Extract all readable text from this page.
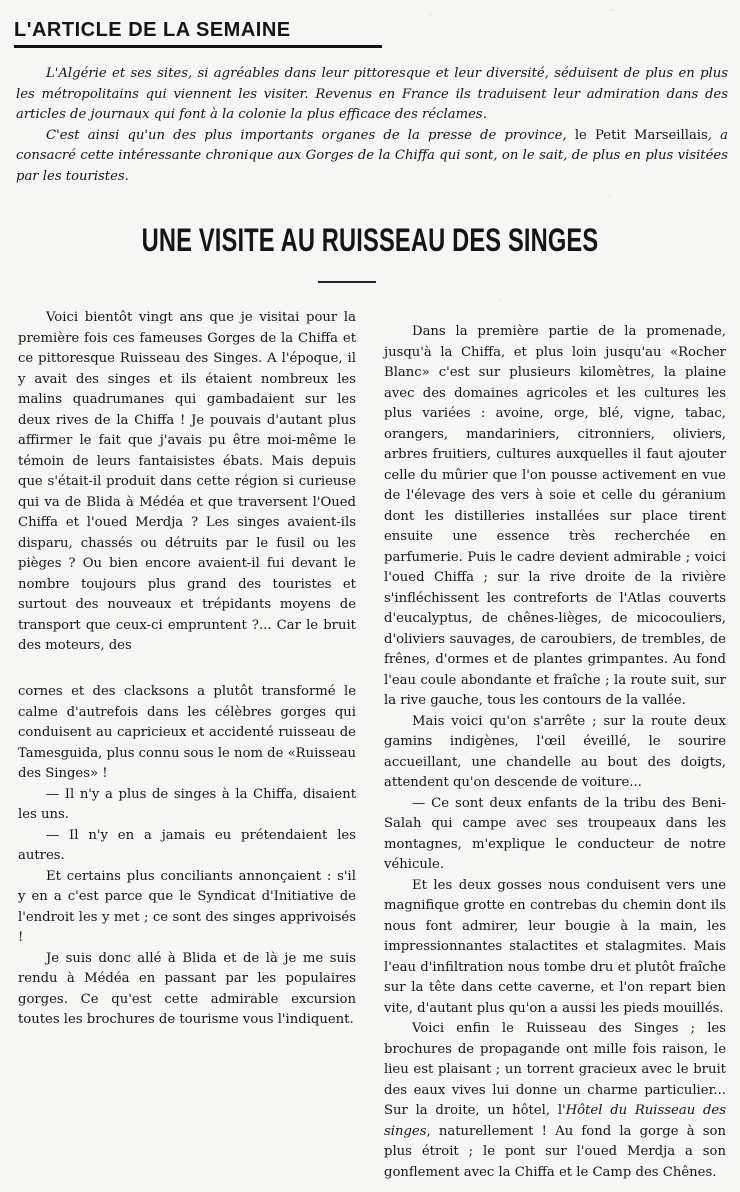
L'ARTICLE DE LA SEMAINE

L'Algérie et ses sites, si agréables dans leur pittoresque et leur diversité, séduisent de plus en plus les métropolitains qui viennent les visiter. Revenus en France ils traduisent leur admiration dans des articles de journaux qui font à la colonie la plus efficace des réclames.

C'est ainsi qu'un des plus importants organes de la presse de province, le Petit Marseillais, a consacré cette intéressante chronique aux Gorges de la Chiffa qui sont, on le sait, de plus en plus visitées par les touristes.

UNE VISITE AU RUISSEAU DES SINGES

Voici bientôt vingt ans que je visitai pour la première fois ces fameuses Gorges de la Chiffa et ce pittoresque Ruisseau des Singes. A l'époque, il y avait des singes et ils étaient nombreux les malins quadrumanes qui gambadaient sur les deux rives de la Chiffa ! Je pouvais d'autant plus affirmer le fait que j'avais pu être moi-même le témoin de leurs fantaisistes ébats. Mais depuis que s'était-il produit dans cette région si curieuse qui va de Blida à Médéa et que traversent l'Oued Chiffa et l'oued Merdja ? Les singes avaient-ils disparu, chassés ou détruits par le fusil ou les pièges ? Ou bien encore avaient-il fui devant le nombre toujours plus grand des touristes et surtout des nouveaux et trépidants moyens de transport que ceux-ci empruntent ?... Car le bruit des moteurs, des

cornes et des clacksons a plutôt transformé le calme d'autrefois dans les célèbres gorges qui conduisent au capricieux et accidenté ruisseau de Tamesguida, plus connu sous le nom de «Ruisseau des Singes» !

— Il n'y a plus de singes à la Chiffa, disaient les uns.

— Il n'y en a jamais eu prétendaient les autres.

Et certains plus conciliants annonçaient : s'il y en a c'est parce que le Syndicat d'Initiative de l'endroit les y met ; ce sont des singes apprivoisés !

Je suis donc allé à Blida et de là je me suis rendu à Médéa en passant par les populaires gorges. Ce qu'est cette admirable excursion toutes les brochures de tourisme vous l'indiquent.

Dans la première partie de la promenade, jusqu'à la Chiffa, et plus loin jusqu'au «Rocher Blanc» c'est sur plusieurs kilomètres, la plaine avec des domaines agricoles et les cultures les plus variées : avoine, orge, blé, vigne, tabac, orangers, mandariniers, citronniers, oliviers, arbres fruitiers, cultures auxquelles il faut ajouter celle du mûrier que l'on pousse activement en vue de l'élevage des vers à soie et celle du géranium dont les distilleries installées sur place tirent ensuite une essence très recherchée en parfumerie. Puis le cadre devient admirable ; voici l'oued Chiffa ; sur la rive droite de la rivière s'infléchissent les contreforts de l'Atlas couverts d'eucalyptus, de chênes-lièges, de micocouliers, d'oliviers sauvages, de caroubiers, de trembles, de frênes, d'ormes et de plantes grimpantes. Au fond l'eau coule abondante et fraîche ; la route suit, sur la rive gauche, tous les contours de la vallée.

Mais voici qu'on s'arrête ; sur la route deux gamins indigènes, l'œil éveillé, le sourire accueillant, une chandelle au bout des doigts, attendent qu'on descende de voiture...

— Ce sont deux enfants de la tribu des Beni-Salah qui campe avec ses troupeaux dans les montagnes, m'explique le conducteur de notre véhicule.

Et les deux gosses nous conduisent vers une magnifique grotte en contrebas du chemin dont ils nous font admirer, leur bougie à la main, les impressionnantes stalactites et stalagmites. Mais l'eau d'infiltration nous tombe dru et plutôt fraîche sur la tête dans cette caverne, et l'on repart bien vite, d'autant plus qu'on a aussi les pieds mouillés.

Voici enfin le Ruisseau des Singes ; les brochures de propagande ont mille fois raison, le lieu est plaisant ; un torrent gracieux avec le bruit des eaux vives lui donne un charme particulier... Sur la droite, un hôtel, l'Hôtel du Ruisseau des singes, naturellement ! Au fond la gorge à son plus étroit ; le pont sur l'oued Merdja a son gonflement avec la Chiffa et le Camp des Chênes.
